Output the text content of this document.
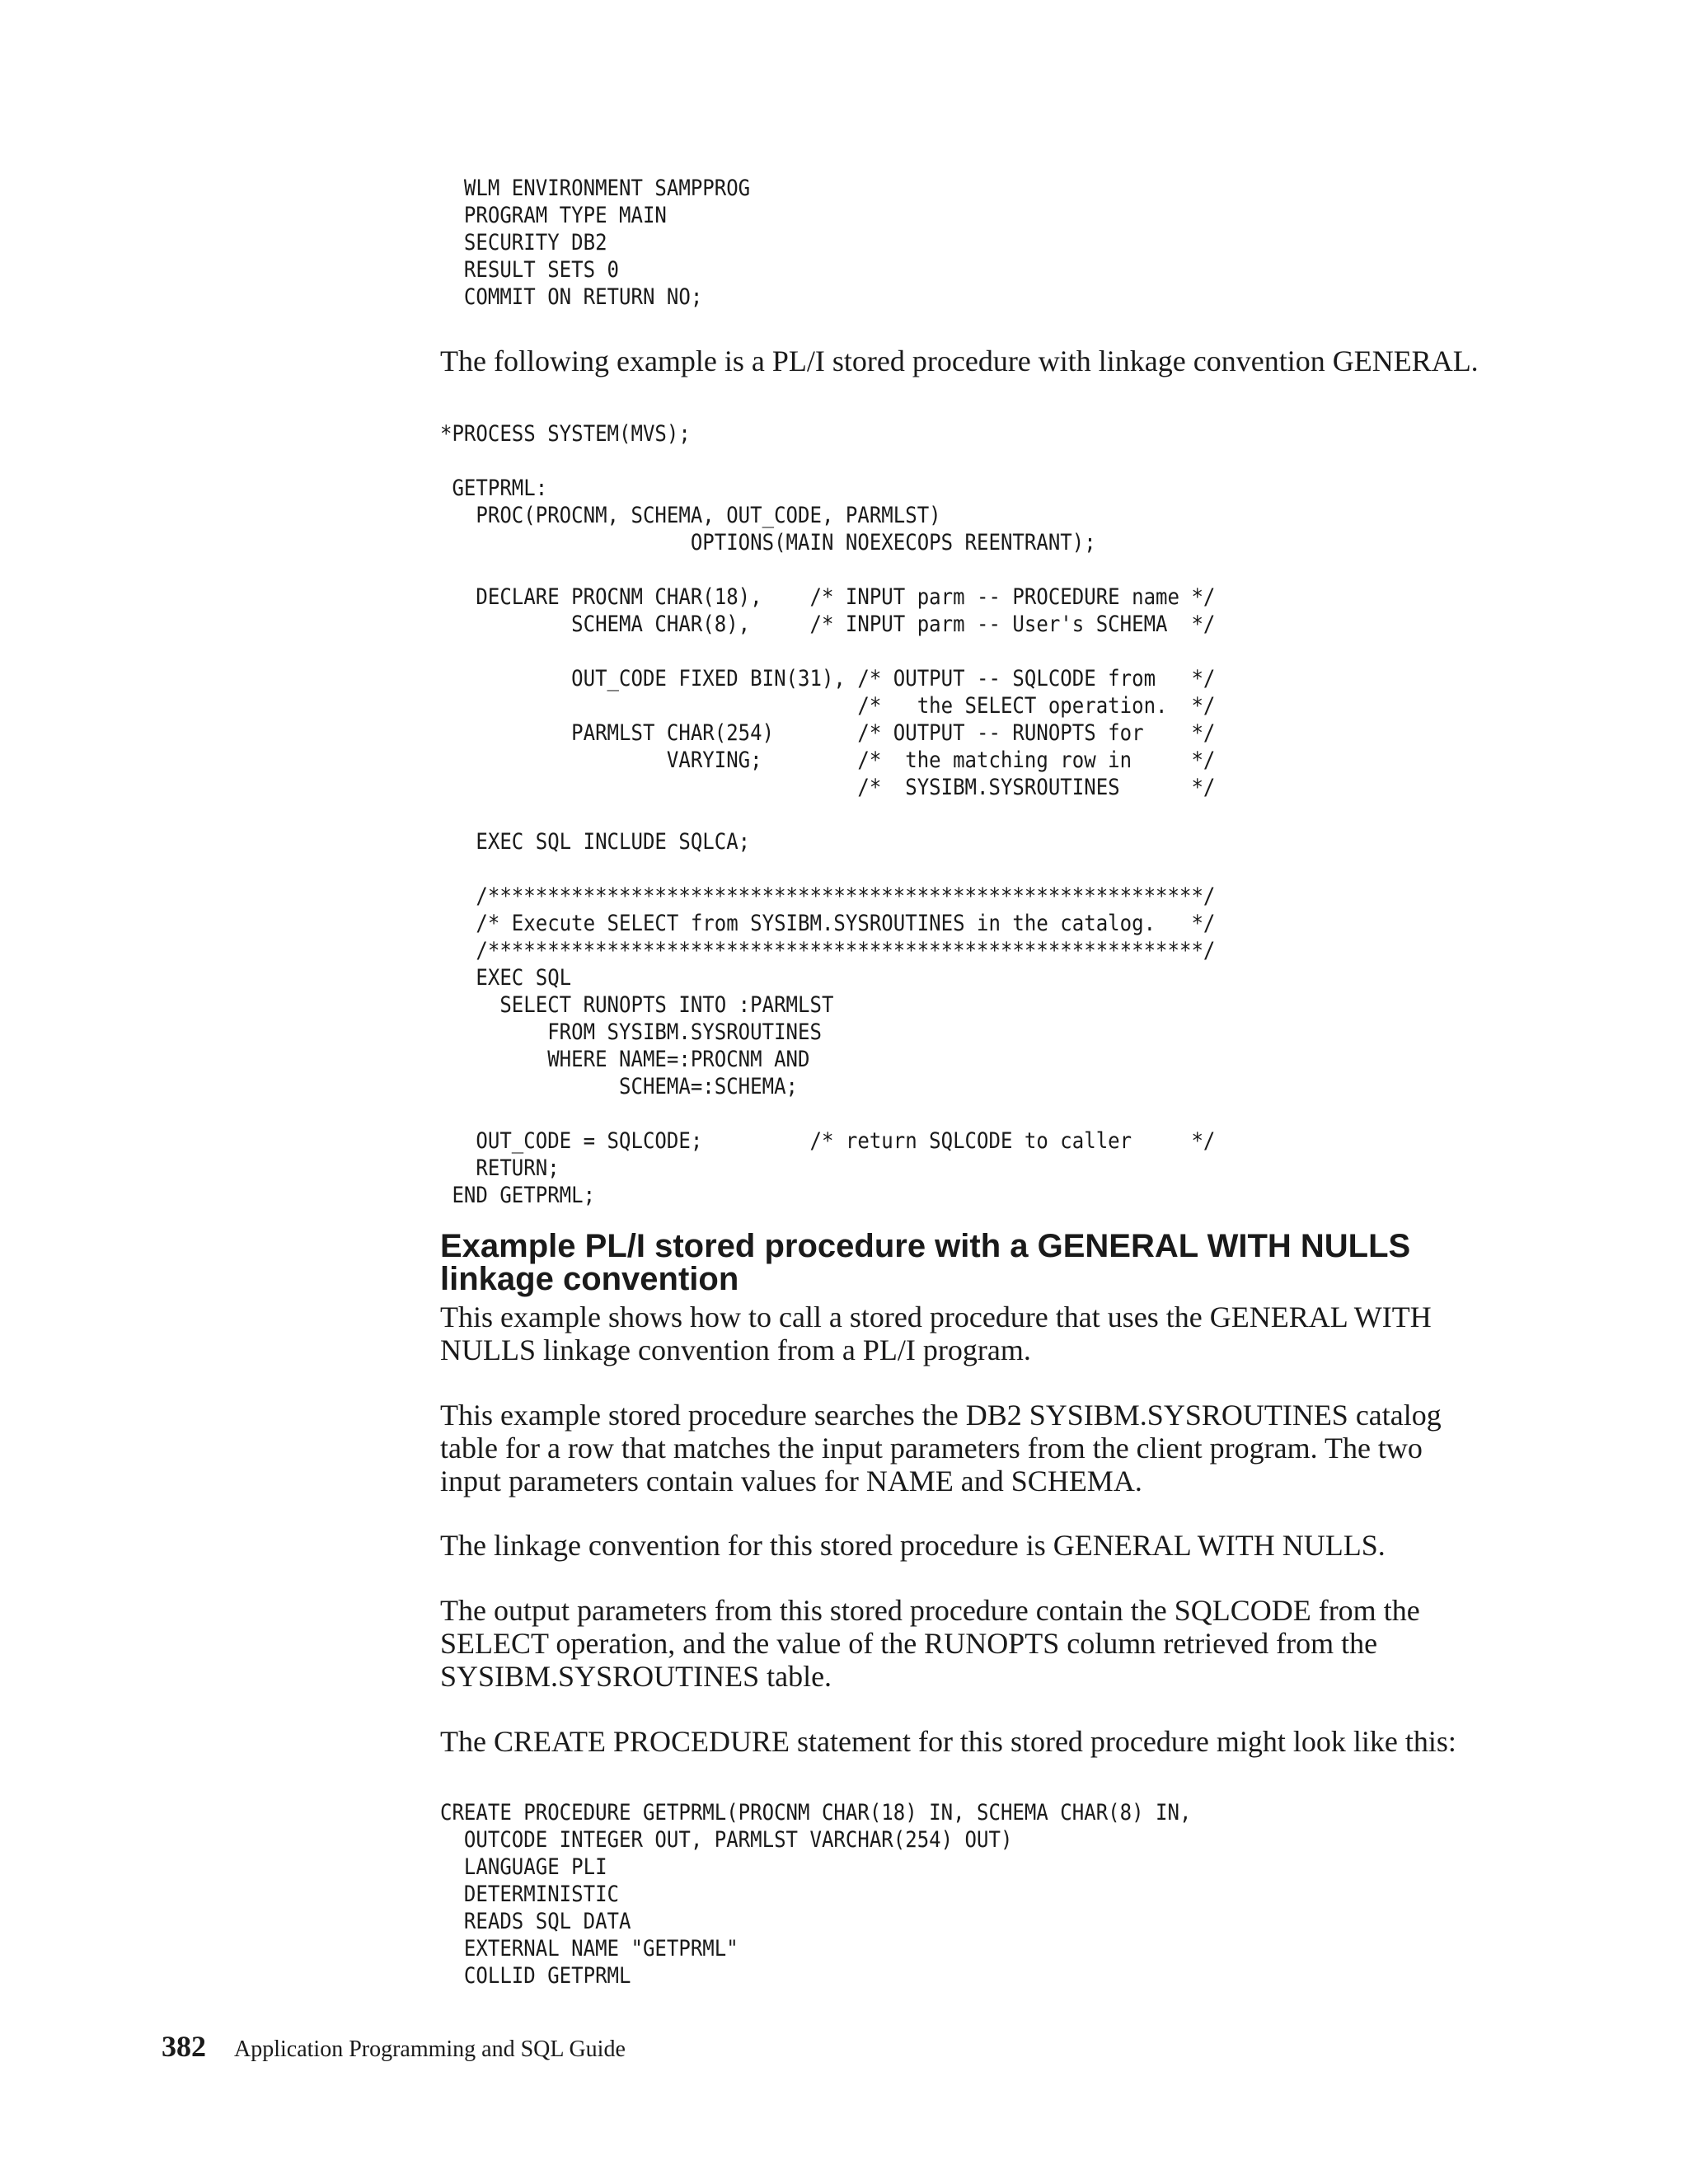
WLM ENVIRONMENT SAMPPROG
PROGRAM TYPE MAIN
SECURITY DB2
RESULT SETS 0
COMMIT ON RETURN NO;

The following example is a PL/I stored procedure with linkage convention GENERAL.

*PROCESS SYSTEM(MVS);

GETPRML:
PROC(PROCNM, SCHEMA, OUT_CODE, PARMLST)
OPTIONS(MAIN NOEXECOPS REENTRANT);

DECLARE PROCNM CHAR(18),    /* INPUT parm -- PROCEDURE name */
SCHEMA CHAR(8),     /* INPUT parm -- User's SCHEMA  */

OUT_CODE FIXED BIN(31), /* OUTPUT -- SQLCODE from   */
/*   the SELECT operation.  */
PARMLST CHAR(254)       /* OUTPUT -- RUNOPTS for    */
VARYING;        /*  the matching row in     */
/*  SYSIBM.SYSROUTINES      */

EXEC SQL INCLUDE SQLCA;

/************************************************************/
/* Execute SELECT from SYSIBM.SYSROUTINES in the catalog.   */
/************************************************************/
EXEC SQL
SELECT RUNOPTS INTO :PARMLST
FROM SYSIBM.SYSROUTINES
WHERE NAME=:PROCNM AND
SCHEMA=:SCHEMA;

OUT_CODE = SQLCODE;         /* return SQLCODE to caller     */
RETURN;
END GETPRML;
Example PL/I stored procedure with a GENERAL WITH NULLS linkage convention

This example shows how to call a stored procedure that uses the GENERAL WITH NULLS linkage convention from a PL/I program.

This example stored procedure searches the DB2 SYSIBM.SYSROUTINES catalog table for a row that matches the input parameters from the client program. The two input parameters contain values for NAME and SCHEMA.

The linkage convention for this stored procedure is GENERAL WITH NULLS.

The output parameters from this stored procedure contain the SQLCODE from the SELECT operation, and the value of the RUNOPTS column retrieved from the SYSIBM.SYSROUTINES table.

The CREATE PROCEDURE statement for this stored procedure might look like this:

CREATE PROCEDURE GETPRML(PROCNM CHAR(18) IN, SCHEMA CHAR(8) IN,
OUTCODE INTEGER OUT, PARMLST VARCHAR(254) OUT)
LANGUAGE PLI
DETERMINISTIC
READS SQL DATA
EXTERNAL NAME "GETPRML"
COLLID GETPRML
382 Application Programming and SQL Guide
